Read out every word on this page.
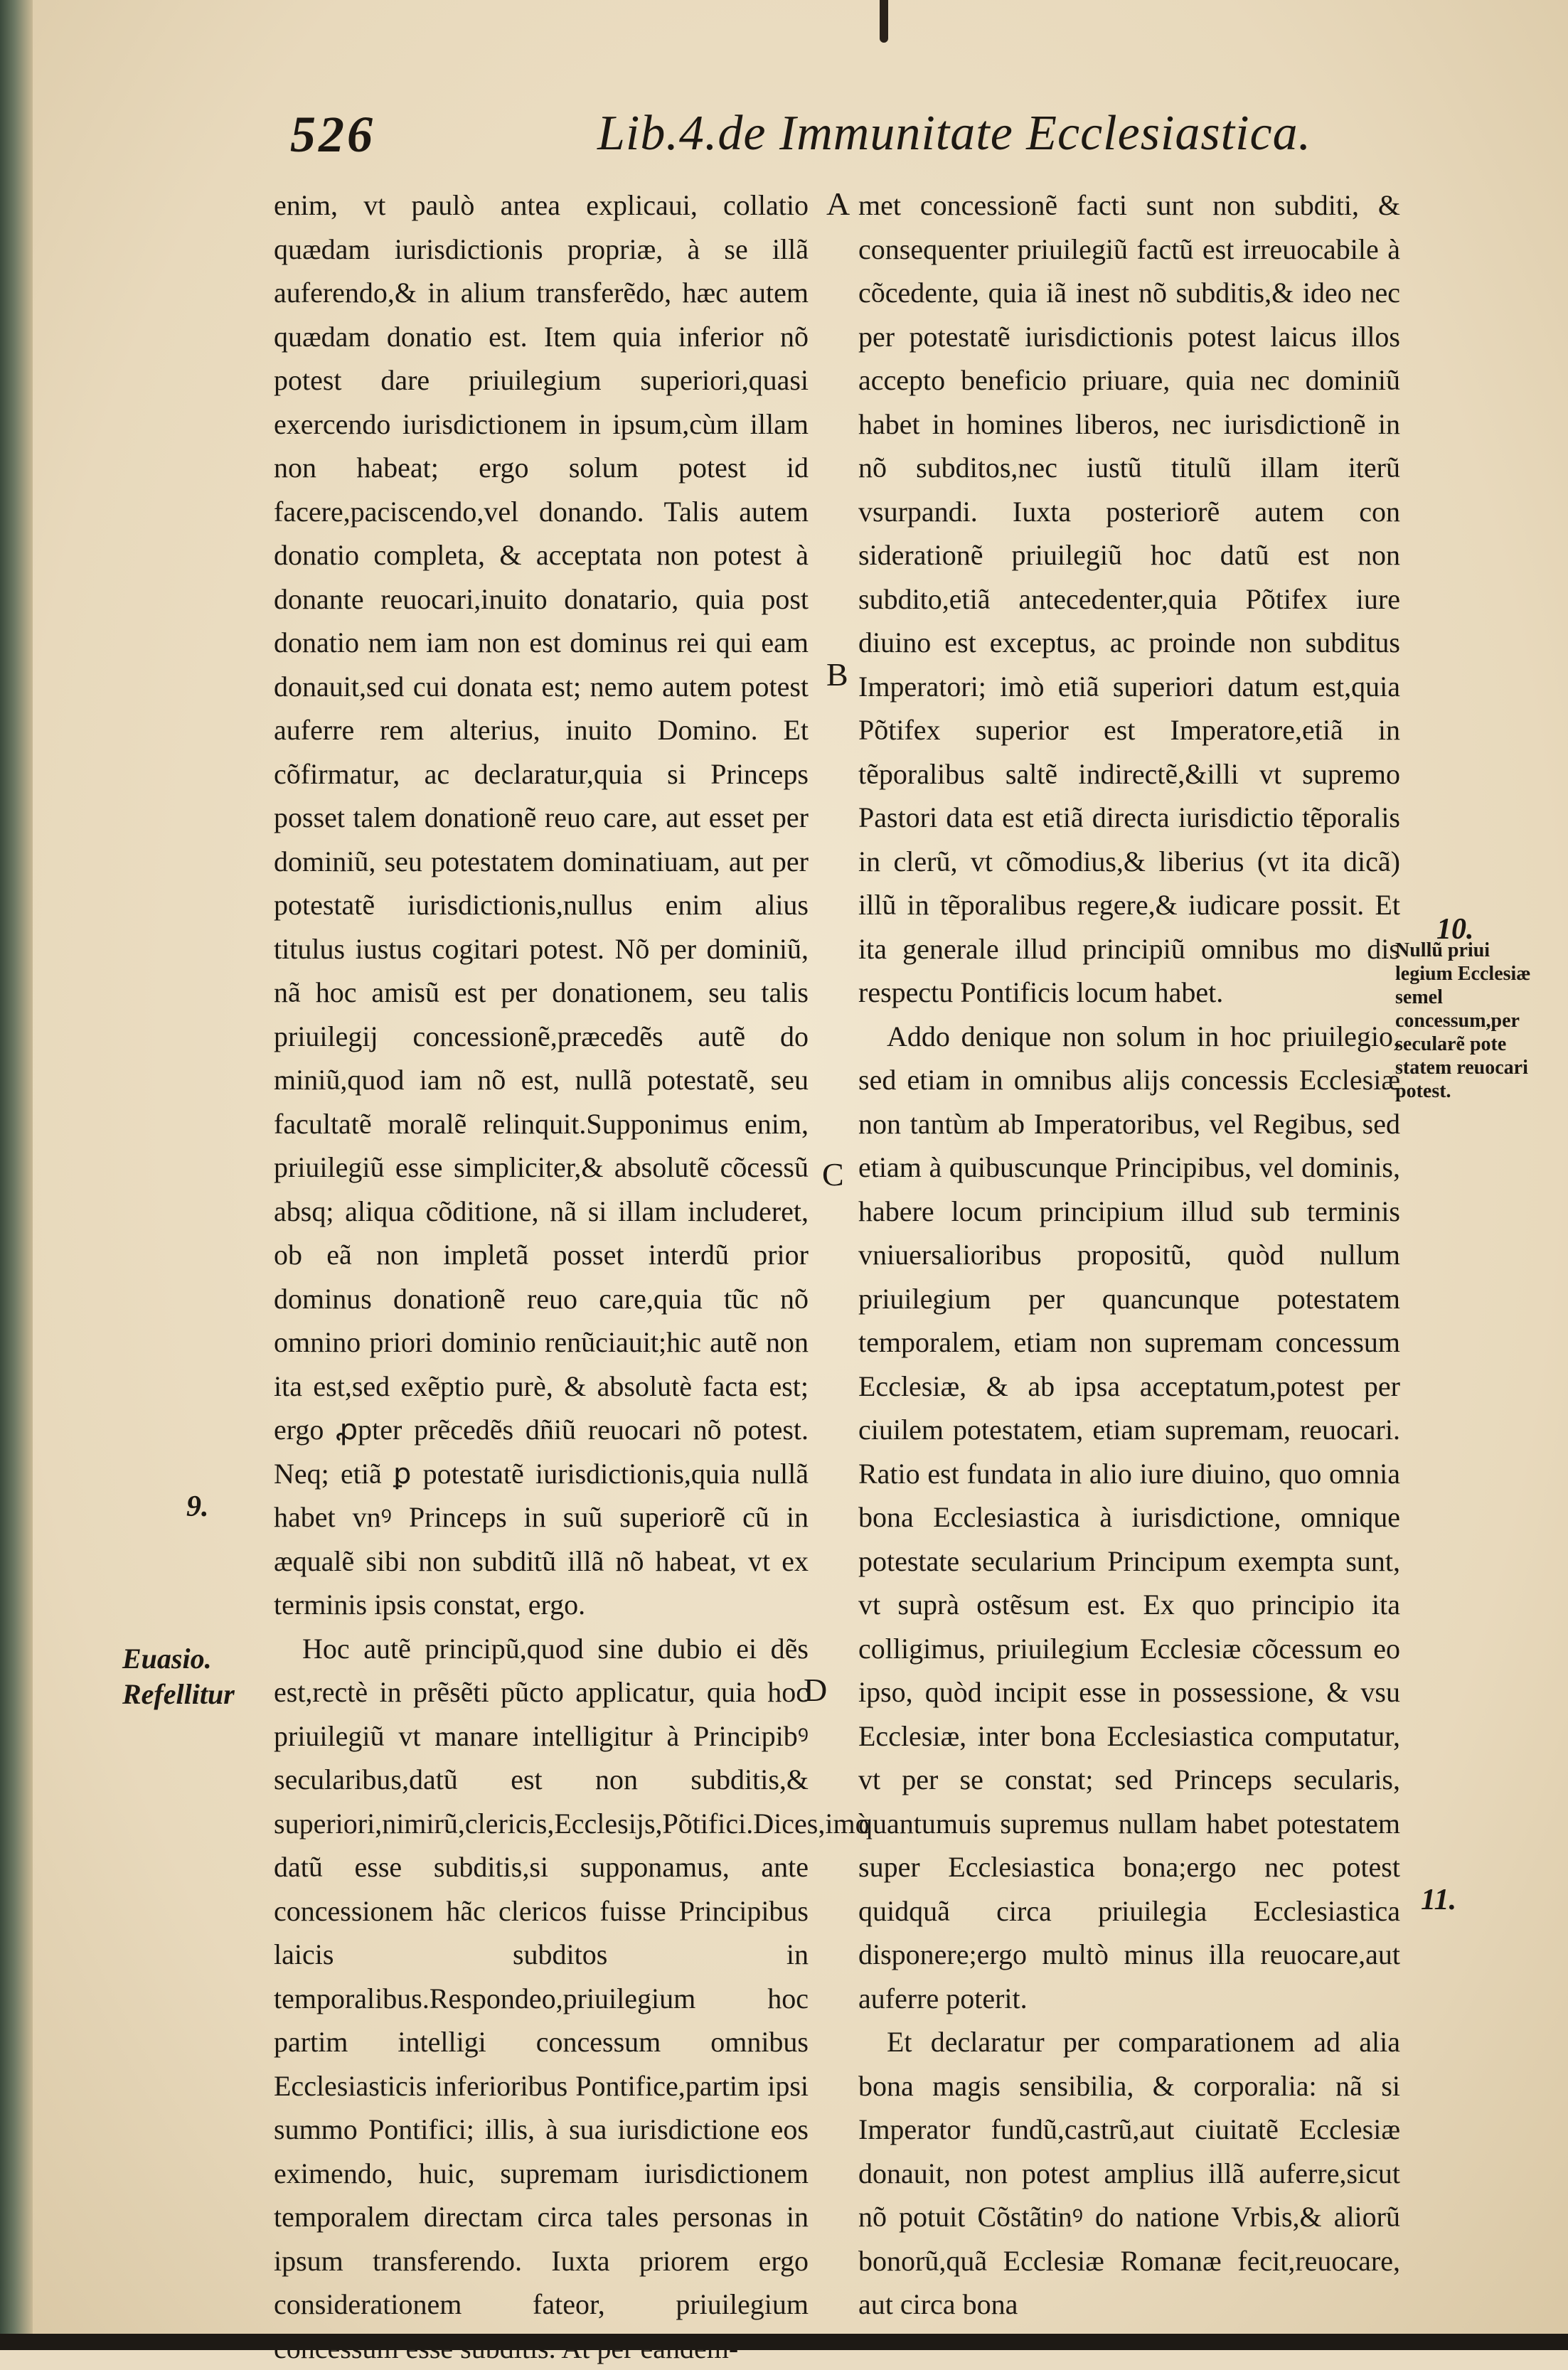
526	Lib.4.de Immunitate Ecclesiastica.

enim, vt paulò antea explicaui, collatio quædam iurisdictionis propriæ, à se illã auferendo,& in alium transferẽdo, hæc autem quædam donatio est. Item quia inferior nõ potest dare priuilegium superiori,quasi exercendo iurisdictionem in ipsum,cùm illam non habeat; ergo solum potest id facere,paciscendo,vel donando. Talis autem donatio completa, & acceptata non potest à donante reuocari,inuito donatario, quia post donatio nem iam non est dominus rei qui eam donauit,sed cui donata est; nemo autem potest auferre rem alterius, inuito Domino. Et cõfirmatur, ac declaratur,quia si Princeps posset talem donationẽ reuo care, aut esset per dominiũ, seu potestatem dominatiuam, aut per potestatẽ iurisdictionis,nullus enim alius titulus iustus cogitari potest. Nõ per dominiũ, nã hoc amisũ est per donationem, seu talis priuilegij concessionẽ,præcedẽs autẽ do miniũ,quod iam nõ est, nullã potestatẽ, seu facultatẽ moralẽ relinquit.Supponimus enim, priuilegiũ esse simpliciter,& absolutẽ cõcessũ absq; aliqua cõditione, nã si illam includeret, ob eã non impletã posset interdũ prior dominus donationẽ reuo care,quia tũc nõ omnino priori dominio renũciauit;hic autẽ non ita est,sed exẽptio purè, & absolutè facta est; ergo ꝓpter prẽcedẽs dñiũ reuocari nõ potest. Neq; etiã ꝑ potestatẽ iurisdictionis,quia nullã habet vnꝰ Princeps in suũ superiorẽ cũ in æqualẽ sibi non subditũ illã nõ habeat, vt ex terminis ipsis constat, ergo.

Hoc autẽ principũ,quod sine dubio ei dẽs est,rectè in prẽsẽti pũcto applicatur, quia hoc priuilegiũ vt manare intelligitur à Principibꝰ secularibus,datũ est non subditis,& superiori,nimirũ,clericis,Ecclesijs,Põtifici.Dices,imò datũ esse subditis,si supponamus, ante concessionem hãc clericos fuisse Principibus laicis subditos in temporalibus.Respondeo,priuilegium hoc partim intelligi concessum omnibus Ecclesiasticis inferioribus Pontifice,partim ipsi summo Pontifici; illis, à sua iurisdictione eos eximendo, huic, supremam iurisdictionem temporalem directam circa tales personas in ipsum transferendo. Iuxta priorem ergo considerationem fateor, priuilegium

met concessionẽ facti sunt non subditi, & consequenter priuilegiũ factũ est irreuocabile à cõcedente, quia iã inest nõ subditis,& ideo nec per potestatẽ iurisdictionis potest laicus illos accepto beneficio priuare, quia nec dominiũ habet in homines liberos, nec iurisdictionẽ in nõ subditos,nec iustũ titulũ illam iterũ vsurpandi. Iuxta posteriorẽ autem con siderationẽ priuilegiũ hoc datũ est non subdito,etiã antecedenter,quia Põtifex iure diuino est exceptus, ac proinde non subditus Imperatori; imò etiã superiori datum est,quia Põtifex superior est Imperatore,etiã in tẽporalibus saltẽ indirectẽ,&illi vt supremo Pastori data est etiã directa iurisdictio tẽporalis in clerũ, vt cõmodius,& liberius (vt ita dicã) illũ in tẽporalibus regere,& iudicare possit. Et ita generale illud principiũ omnibus mo dis respectu Pontificis locum habet.

Addo denique non solum in hoc priuilegio, sed etiam in omnibus alijs concessis Ecclesiæ non tantùm ab Imperatoribus, vel Regibus, sed etiam à quibuscunque Principibus, vel dominis, habere locum principium illud sub terminis vniuersalioribus propositũ, quòd nullum priuilegium per quancunque potestatem temporalem, etiam non supremam concessum Ecclesiæ, & ab ipsa acceptatum,potest per ciuilem potestatem, etiam supremam, reuocari. Ratio est fundata in alio iure diuino, quo omnia bona Ecclesiastica à iurisdictione, omnique potestate secularium Principum exempta sunt, vt suprà ostẽsum est. Ex quo principio ita colligimus, priuilegium Ecclesiæ cõcessum eo ipso, quòd incipit esse in possessione, & vsu Ecclesiæ, inter bona Ecclesiastica computatur, vt per se constat; sed Princeps secularis, quantumuis supremus nullam habet potestatem super Ecclesiastica bona;ergo nec potest quidquã circa priuilegia Ecclesiastica disponere;ergo multò minus illa reuocare,aut auferre poterit.

Et declaratur per comparationem ad alia bona magis sensibilia, & corporalia: nã si Imperator fundũ,castrũ,aut ciuitatẽ Ecclesiæ donauit, non potest amplius illã auferre,sicut nõ potuit Cõstãtinꝰ do natione Vrbis,& aliorũ bonorũ,quã Ecclesiæ Romanæ fecit,reuocare, aut circa bona

A
B
C
D
10.
9.
11.
Nullũ priui legium Ecclesiæ semel concessum,per secularẽ pote statem reuocari potest.
Euasio. Refellitur
